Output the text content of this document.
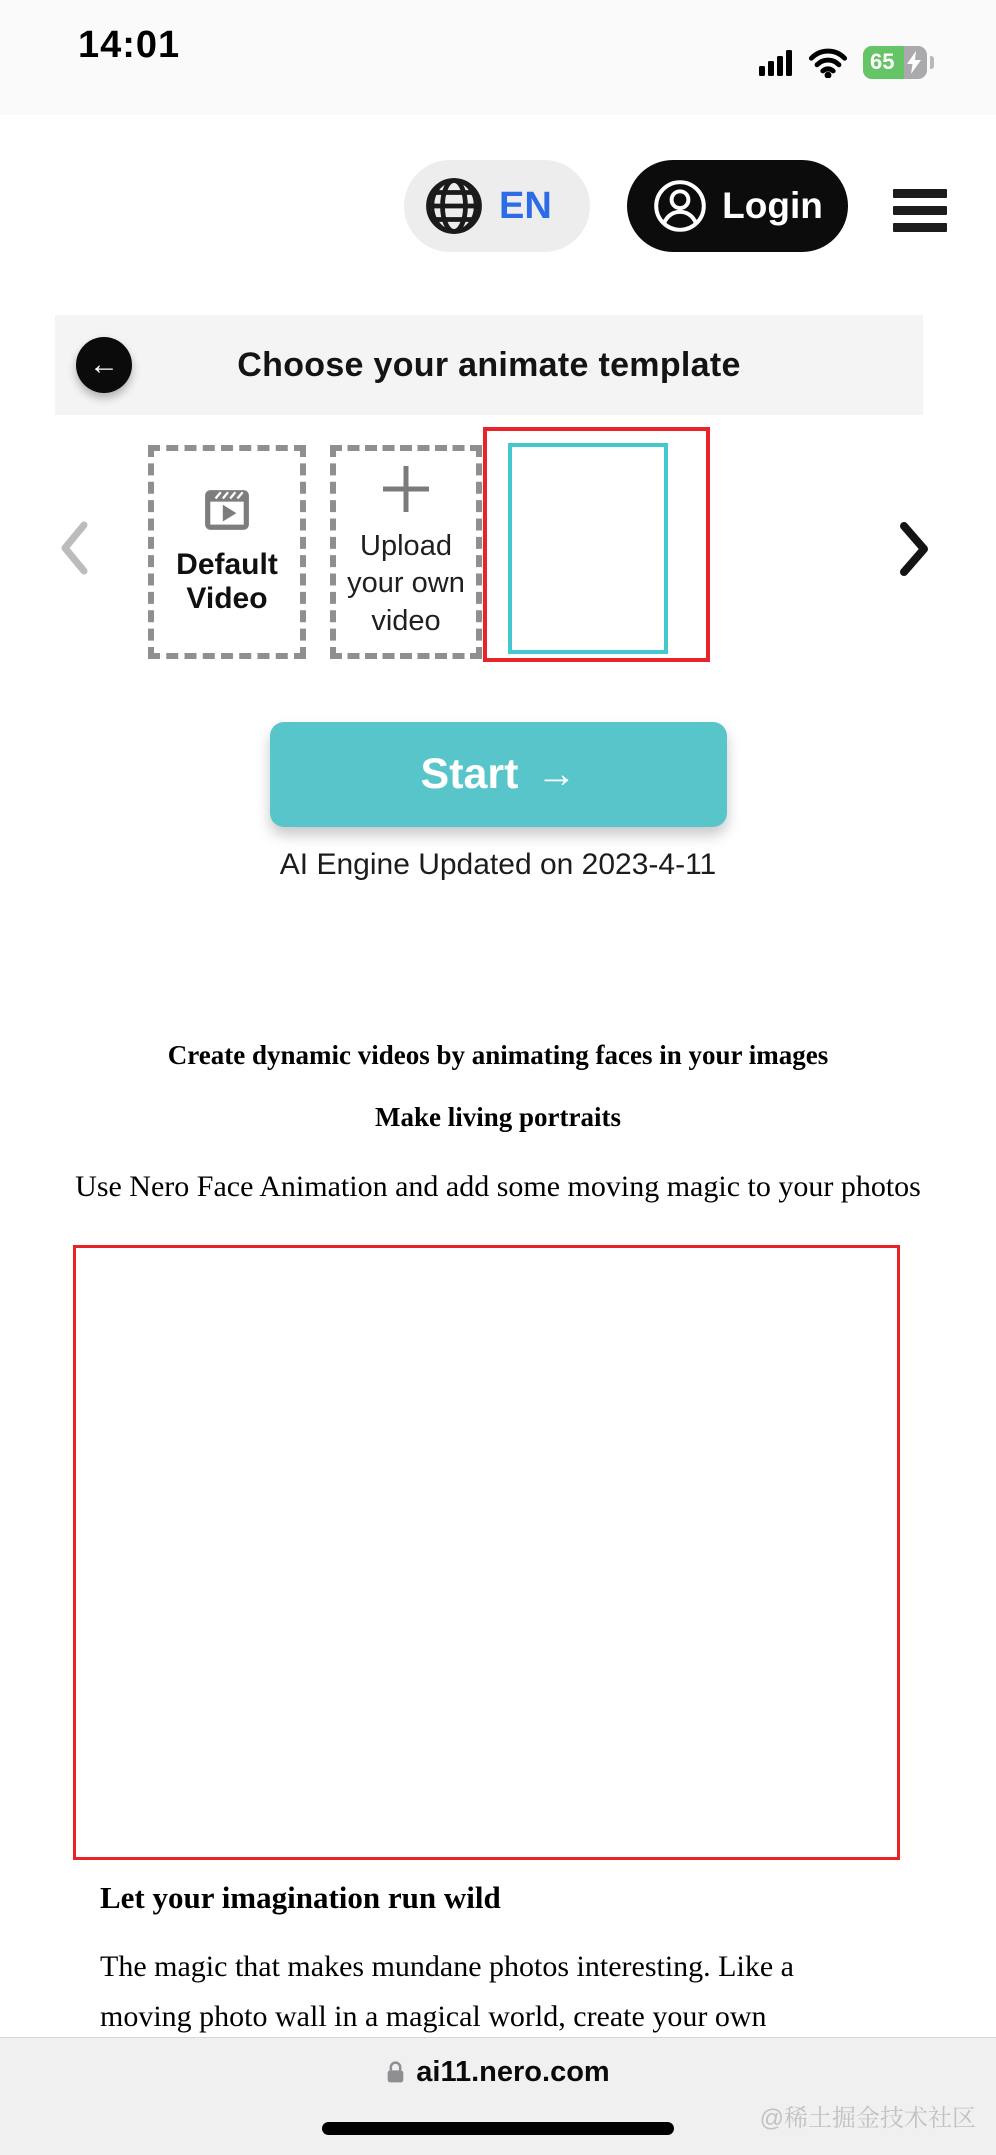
14:01	65
EN	Login
←	Choose your animate template
Default Video
Upload your own video
Start →
AI Engine Updated on 2023-4-11
Create dynamic videos by animating faces in your images
Make living portraits
Use Nero Face Animation and add some moving magic to your photos
Let your imagination run wild
The magic that makes mundane photos interesting. Like a moving photo wall in a magical world, create your own
ai11.nero.com
@稀土掘金技术社区
